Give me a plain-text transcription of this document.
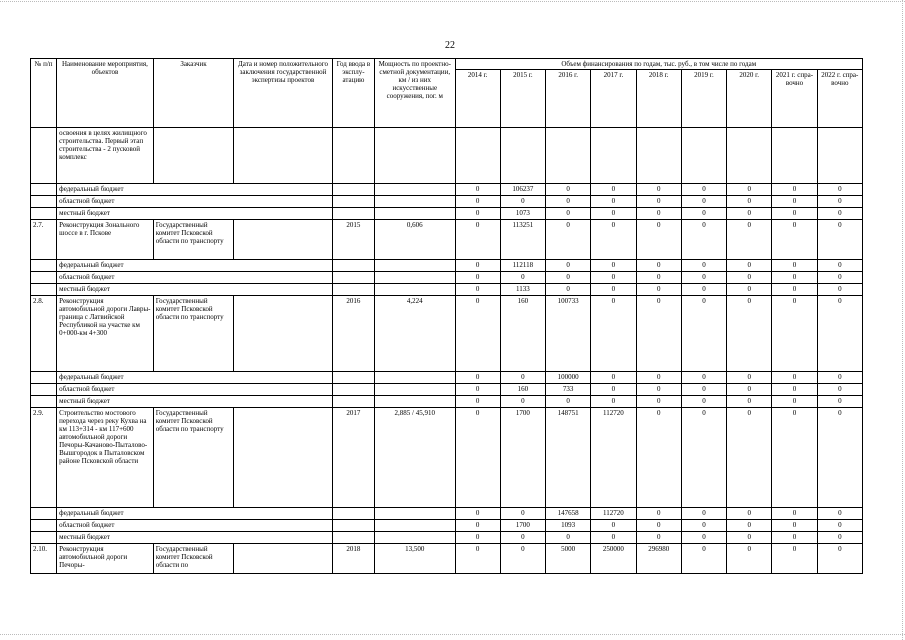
22
№ п/п	Наименование мероприятия, объектов	Заказчик	Дата и номер положительного заключения государственной экспертизы проектов	Год ввода в эксплу-атацию	Мощность по проектно-сметной документации, км / из них искусственные сооружения, пог. м	Объем финансирования по годам, тыс. руб., в том числе по годам								
						2014 г.	2015 г.	2016 г.	2017 г.	2018 г.	2019 г.	2020 г.	2021 г. спра-вочно	2022 г. спра-вочно
	освоения в целях жилищного строительства. Первый этап строительства - 2 пусковой комплекс													
	федеральный бюджет					0	106237	0	0	0	0	0	0	0
	областной бюджет					0	0	0	0	0	0	0	0	0
	местный бюджет					0	1073	0	0	0	0	0	0	0
2.7.	Реконструкция Зонального шоссе в г. Пскове	Государственный комитет Псковской области по транспорту		2015	0,606	0	113251	0	0	0	0	0	0	0
	федеральный бюджет					0	112118	0	0	0	0	0	0	0
	областной бюджет					0	0	0	0	0	0	0	0	0
	местный бюджет					0	1133	0	0	0	0	0	0	0
2.8.	Реконструкция автомобильной дороги Лавры-граница с Латвийской Республикой на участке км 0+000-км 4+300	Государственный комитет Псковской области по транспорту		2016	4,224	0	160	100733	0	0	0	0	0	0
	федеральный бюджет					0	0	100000	0	0	0	0	0	0
	областной бюджет					0	160	733	0	0	0	0	0	0
	местный бюджет					0	0	0	0	0	0	0	0	0
2.9.	Строительство мостового перехода через реку Кухва на км 113+314 - км 117+600 автомобильной дороги Печоры-Качаново-Пыталово-Вышгородок в Пыталовском районе Псковской области	Государственный комитет Псковской области по транспорту		2017	2,885 / 45,910	0	1700	148751	112720	0	0	0	0	0
	федеральный бюджет					0	0	147658	112720	0	0	0	0	0
	областной бюджет					0	1700	1093	0	0	0	0	0	0
	местный бюджет					0	0	0	0	0	0	0	0	0
2.10.	Реконструкция автомобильной дороги Печоры-	Государственный комитет Псковской области по		2018	13,500	0	0	5000	250000	296980	0	0	0	0
